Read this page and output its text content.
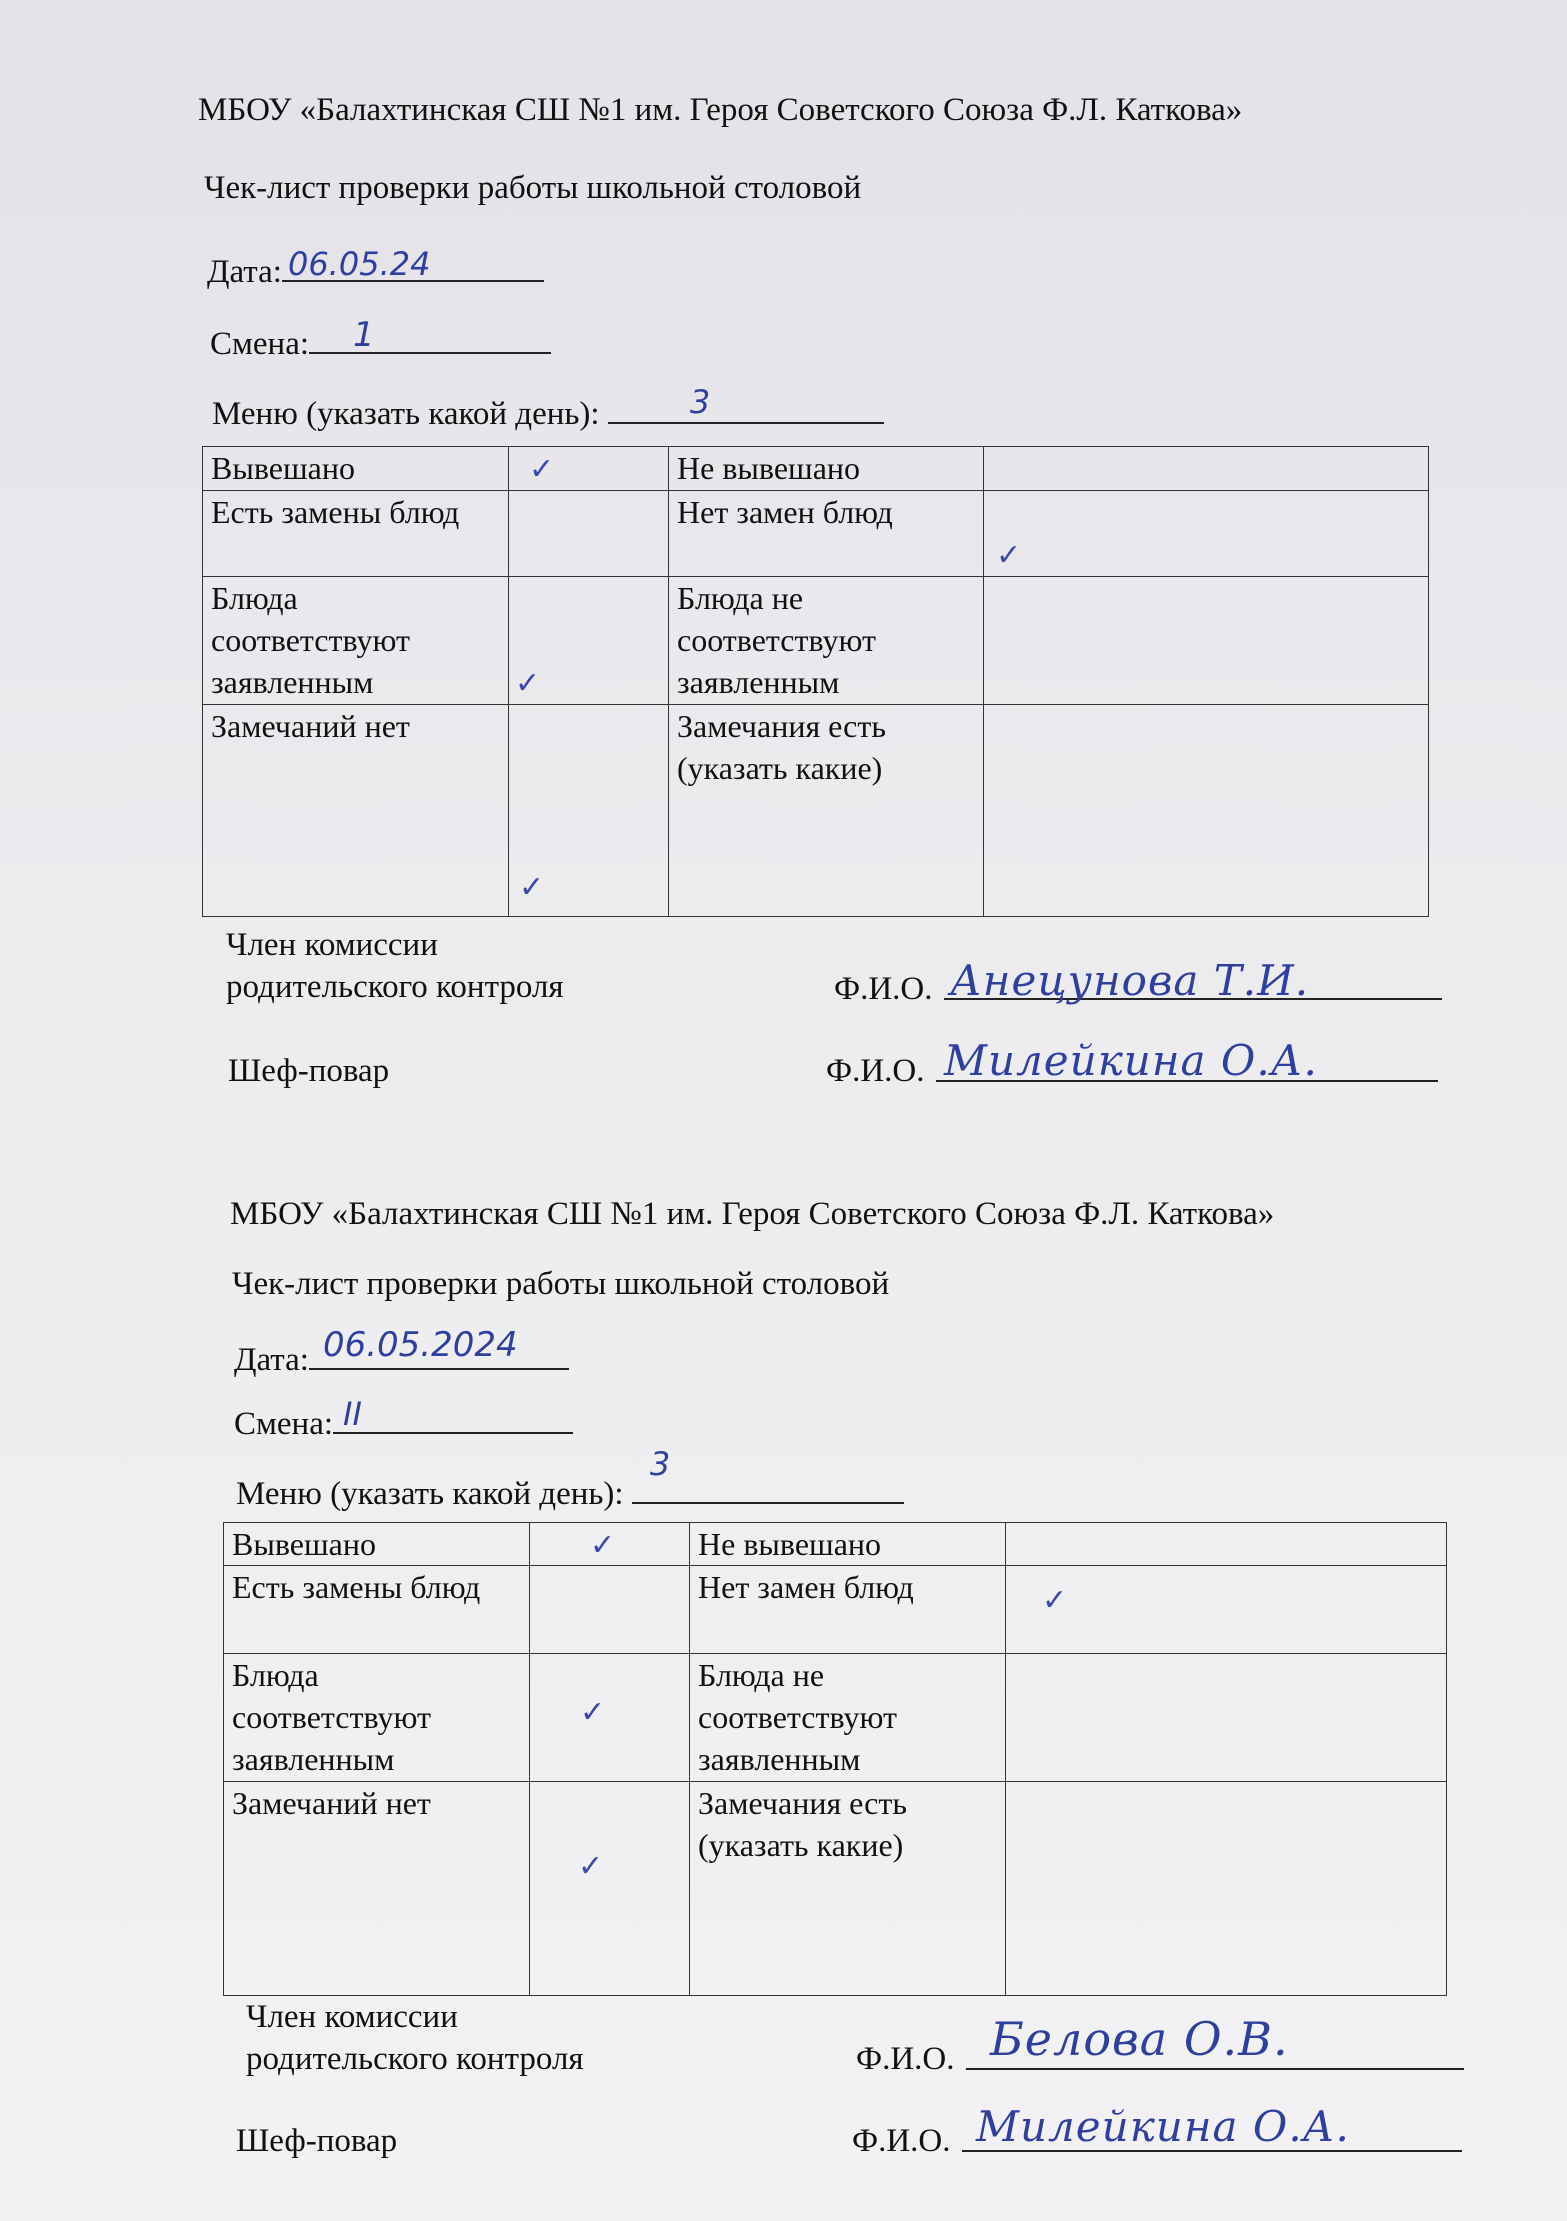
МБОУ «Балахтинская СШ №1 им. Героя Советского Союза Ф.Л. Каткова»
Чек-лист проверки работы школьной столовой
Дата: 06.05.24
Смена: 1
Меню (указать какой день):	3
Вывешано	✓	Не вывешано	

Есть замены блюд		Нет замен блюд	✓

Блюда соответствуют заявленным	✓	Блюда не соответствуют заявленным	

Замечаний нет	✓	Замечания есть (указать какие)	
Член комиссии
родительского контроля	Ф.И.О. Анецунова Т.И.
Шеф-повар	Ф.И.О. Милейкина О.А.
МБОУ «Балахтинская СШ №1 им. Героя Советского Союза Ф.Л. Каткова»
Чек-лист проверки работы школьной столовой
Дата: 06.05.2024
Смена: II
Меню (указать какой день):
3
Вывешано	✓	Не вывешано	

Есть замены блюд		Нет замен блюд	✓

Блюда соответствуют заявленным	✓	Блюда не соответствуют заявленным	

Замечаний нет	✓	Замечания есть (указать какие)	
Член комиссии
родительского контроля	Ф.И.О. Белова О.В.
Шеф-повар	Ф.И.О. Милейкина О.А.
